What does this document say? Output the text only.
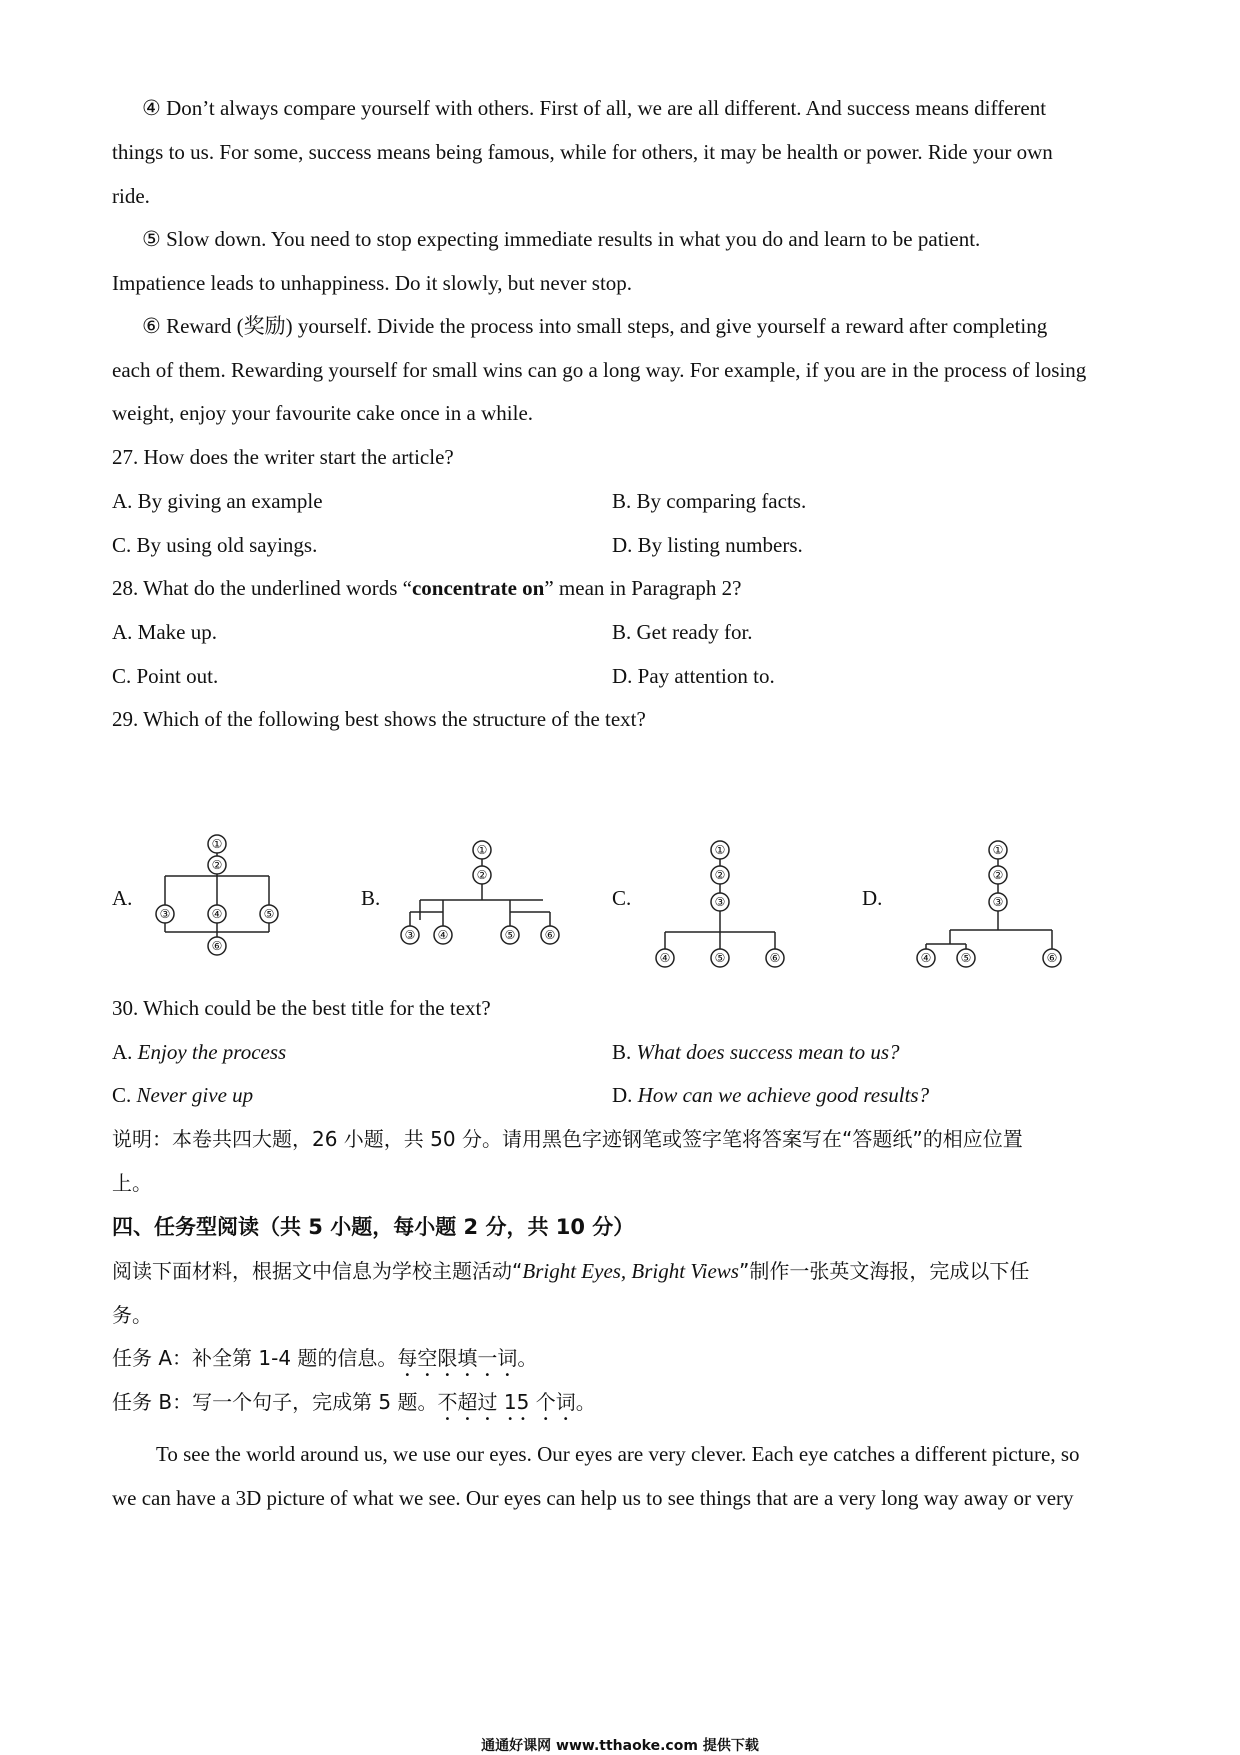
④ Don’t always compare yourself with others. First of all, we are all different. And success means different
things to us. For some, success means being famous, while for others, it may be health or power. Ride your own
ride.
⑤ Slow down. You need to stop expecting immediate results in what you do and learn to be patient.
Impatience leads to unhappiness. Do it slowly, but never stop.
⑥ Reward (奖励) yourself. Divide the process into small steps, and give yourself a reward after completing
each of them. Rewarding yourself for small wins can go a long way. For example, if you are in the process of losing
weight, enjoy your favourite cake once in a while.
27. How does the writer start the article?
A. By giving an example	B. By comparing facts.
C. By using old sayings.	D. By listing numbers.
28. What do the underlined words “concentrate on” mean in Paragraph 2?
A. Make up.	B. Get ready for.
C. Point out.	D. Pay attention to.
29. Which of the following best shows the structure of the text?
A.	B.	C.	D.
①
②
③	④	⑤
⑥
①
②
③ ④	⑤ ⑥
①
②
③
④	⑤	⑥
①
②
③
④ ⑤	⑥
30. Which could be the best title for the text?
A. Enjoy the process	B. What does success mean to us?
C. Never give up	D. How can we achieve good results?
说明：本卷共四大题，26 小题，共 50 分。请用黑色字迹钢笔或签字笔将答案写在“答题纸”的相应位置
上。
四、任务型阅读（共 5 小题，每小题 2 分，共 10 分）
阅读下面材料，根据文中信息为学校主题活动“Bright Eyes, Bright Views”制作一张英文海报，完成以下任
务。
任务 A：补全第 1-4 题的信息。每空限填一词。
任务 B：写一个句子，完成第 5 题。不超过 15 个词。
To see the world around us, we use our eyes. Our eyes are very clever. Each eye catches a different picture, so
we can have a 3D picture of what we see. Our eyes can help us to see things that are a very long way away or very
通通好课网 www.tthaoke.com 提供下载
